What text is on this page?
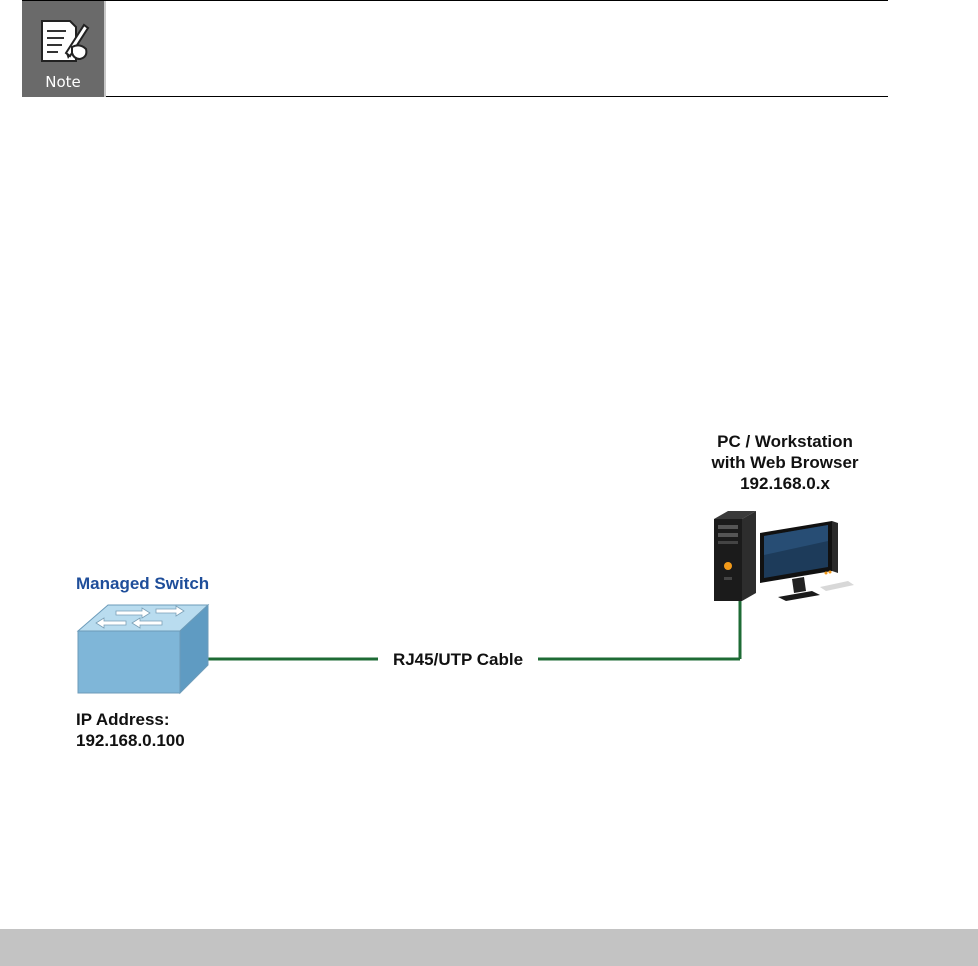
Note
Managed Switch
IP Address:
192.168.0.100
RJ45/UTP Cable
PC / Workstation
with Web Browser
192.168.0.x
